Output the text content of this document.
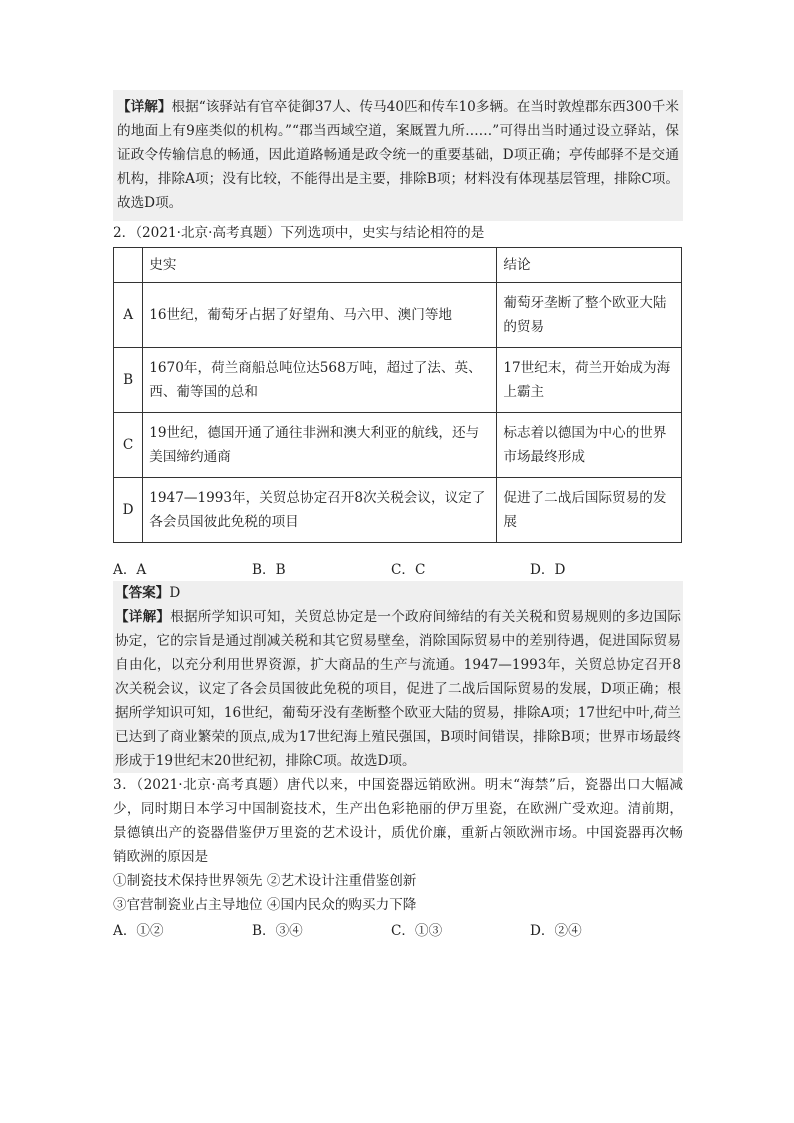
【详解】根据“该驿站有官卒徒御37人、传马40匹和传车10多辆。在当时敦煌郡东西300千米的地面上有9座类似的机构。”“郡当西域空道，案厩置九所……”可得出当时通过设立驿站，保证政令传输信息的畅通，因此道路畅通是政令统一的重要基础，D项正确；亭传邮驿不是交通机构，排除A项；没有比较，不能得出是主要，排除B项；材料没有体现基层管理，排除C项。故选D项。

2．（2021·北京·高考真题）下列选项中，史实与结论相符的是

	史实	结论
A	16世纪，葡萄牙占据了好望角、马六甲、澳门等地	葡萄牙垄断了整个欧亚大陆的贸易
B	1670年，荷兰商船总吨位达568万吨，超过了法、英、西、葡等国的总和	17世纪末，荷兰开始成为海上霸主
C	19世纪，德国开通了通往非洲和澳大利亚的航线，还与美国缔约通商	标志着以德国为中心的世界市场最终形成
D	1947—1993年，关贸总协定召开8次关税会议，议定了各会员国彼此免税的项目	促进了二战后国际贸易的发展
A．A	B．B	C．C	D．D

【答案】D

【详解】根据所学知识可知，关贸总协定是一个政府间缔结的有关关税和贸易规则的多边国际协定，它的宗旨是通过削减关税和其它贸易壁垒，消除国际贸易中的差别待遇，促进国际贸易自由化，以充分利用世界资源，扩大商品的生产与流通。1947—1993年，关贸总协定召开8次关税会议，议定了各会员国彼此免税的项目，促进了二战后国际贸易的发展，D项正确；根据所学知识可知，16世纪，葡萄牙没有垄断整个欧亚大陆的贸易，排除A项；17世纪中叶,荷兰已达到了商业繁荣的顶点,成为17世纪海上殖民强国，B项时间错误，排除B项；世界市场最终形成于19世纪末20世纪初，排除C项。故选D项。

3．（2021·北京·高考真题）唐代以来，中国瓷器远销欧洲。明末“海禁”后，瓷器出口大幅减少，同时期日本学习中国制瓷技术，生产出色彩艳丽的伊万里瓷，在欧洲广受欢迎。清前期，景德镇出产的瓷器借鉴伊万里瓷的艺术设计，质优价廉，重新占领欧洲市场。中国瓷器再次畅销欧洲的原因是

①制瓷技术保持世界领先 ②艺术设计注重借鉴创新

③官营制瓷业占主导地位 ④国内民众的购买力下降

A．①②	B．③④	C．①③	D．②④
